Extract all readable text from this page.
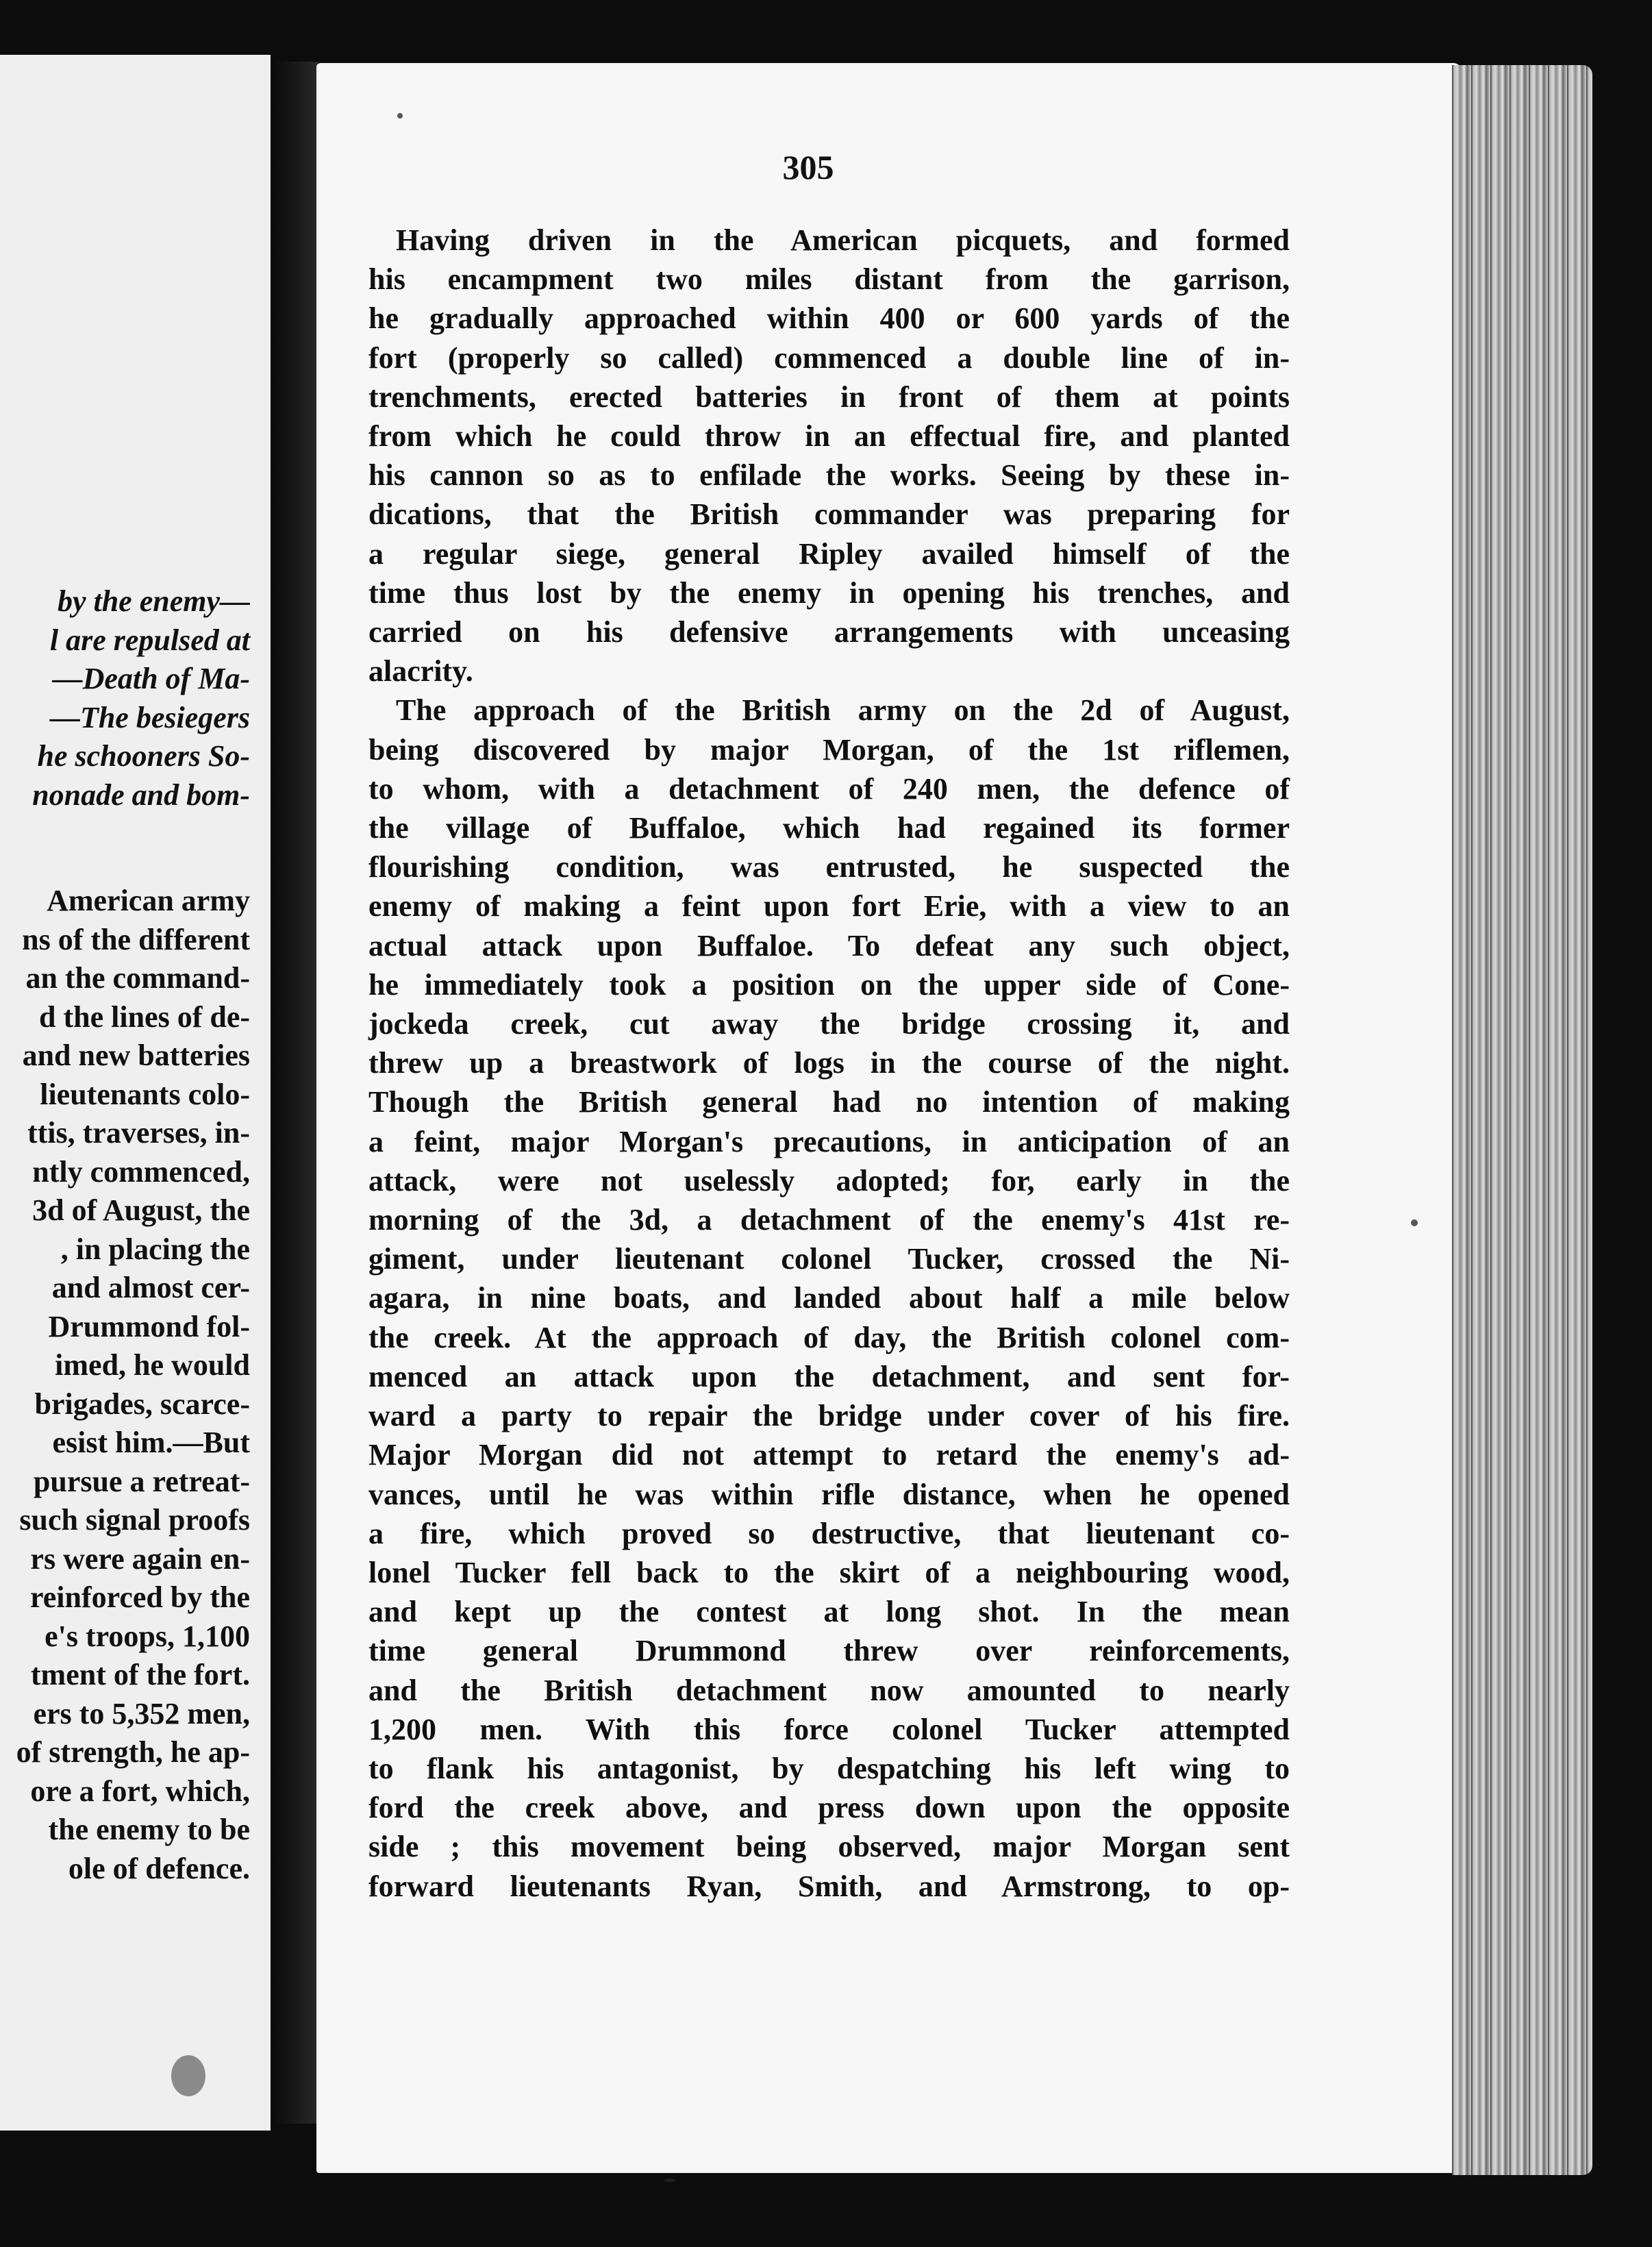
by the enemy—
l are repulsed at
—Death of Ma-
—The besiegers
he schooners So-
nonade and bom-
American army
ns of the different
an the command-
d the lines of de-
and new batteries
lieutenants colo-
ttis, traverses, in-
ntly commenced,
3d of August, the
, in placing the
and almost cer-
Drummond fol-
imed, he would
brigades, scarce-
esist him.—But
pursue a retreat-
such signal proofs
rs were again en-
reinforced by the
e's troops, 1,100
tment of the fort.
ers to 5,352 men,
of strength, he ap-
ore a fort, which,
the enemy to be
ole of defence.
305
Having driven in the American picquets, and formed
his encampment two miles distant from the garrison,
he gradually approached within 400 or 600 yards of the
fort (properly so called) commenced a double line of in-
trenchments, erected batteries in front of them at points
from which he could throw in an effectual fire, and planted
his cannon so as to enfilade the works. Seeing by these in-
dications, that the British commander was preparing for
a regular siege, general Ripley availed himself of the
time thus lost by the enemy in opening his trenches, and
carried on his defensive arrangements with unceasing
alacrity.
The approach of the British army on the 2d of August,
being discovered by major Morgan, of the 1st riflemen,
to whom, with a detachment of 240 men, the defence of
the village of Buffaloe, which had regained its former
flourishing condition, was entrusted, he suspected the
enemy of making a feint upon fort Erie, with a view to an
actual attack upon Buffaloe. To defeat any such object,
he immediately took a position on the upper side of Cone-
jockeda creek, cut away the bridge crossing it, and
threw up a breastwork of logs in the course of the night.
Though the British general had no intention of making
a feint, major Morgan's precautions, in anticipation of an
attack, were not uselessly adopted; for, early in the
morning of the 3d, a detachment of the enemy's 41st re-
giment, under lieutenant colonel Tucker, crossed the Ni-
agara, in nine boats, and landed about half a mile below
the creek. At the approach of day, the British colonel com-
menced an attack upon the detachment, and sent for-
ward a party to repair the bridge under cover of his fire.
Major Morgan did not attempt to retard the enemy's ad-
vances, until he was within rifle distance, when he opened
a fire, which proved so destructive, that lieutenant co-
lonel Tucker fell back to the skirt of a neighbouring wood,
and kept up the contest at long shot. In the mean
time general Drummond threw over reinforcements,
and the British detachment now amounted to nearly
1,200 men. With this force colonel Tucker attempted
to flank his antagonist, by despatching his left wing to
ford the creek above, and press down upon the opposite
side ; this movement being observed, major Morgan sent
forward lieutenants Ryan, Smith, and Armstrong, to op-
